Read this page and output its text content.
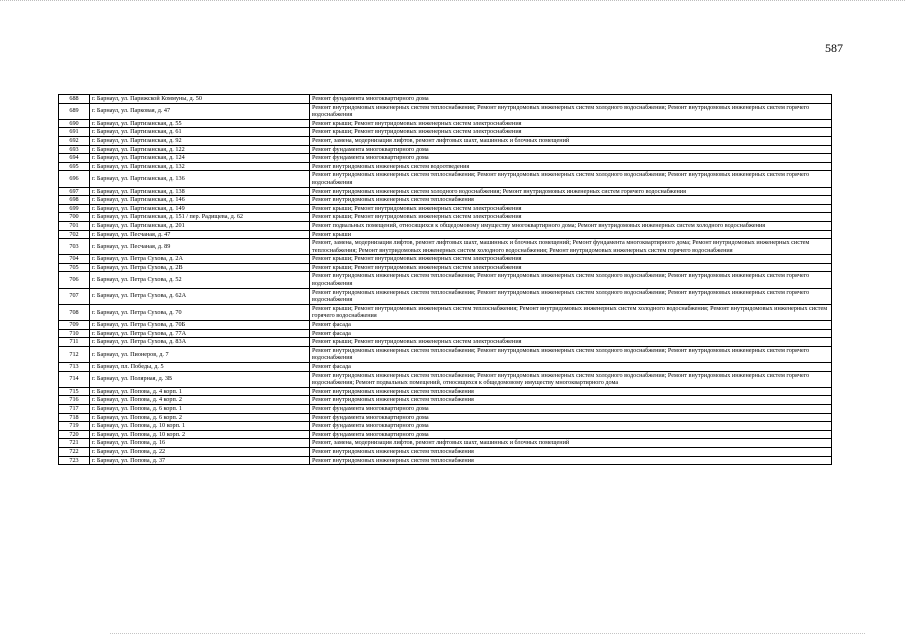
587
688	г. Барнаул, ул. Парижской Коммуны, д. 50	Ремонт фундамента многоквартирного дома
689	г. Барнаул, ул. Парковая, д. 47	Ремонт внутридомовых инженерных систем теплоснабжения; Ремонт внутридомовых инженерных систем холодного водоснабжения; Ремонт внутридомовых инженерных систем горячего водоснабжения
690	г. Барнаул, ул. Партизанская, д. 55	Ремонт крыши; Ремонт внутридомовых инженерных систем электроснабжения
691	г. Барнаул, ул. Партизанская, д. 61	Ремонт крыши; Ремонт внутридомовых инженерных систем электроснабжения
692	г. Барнаул, ул. Партизанская, д. 92	Ремонт, замена, модернизация лифтов, ремонт лифтовых шахт, машинных и блочных помещений
693	г. Барнаул, ул. Партизанская, д. 122	Ремонт фундамента многоквартирного дома
694	г. Барнаул, ул. Партизанская, д. 124	Ремонт фундамента многоквартирного дома
695	г. Барнаул, ул. Партизанская, д. 132	Ремонт внутридомовых инженерных систем водоотведения
696	г. Барнаул, ул. Партизанская, д. 136	Ремонт внутридомовых инженерных систем теплоснабжения; Ремонт внутридомовых инженерных систем холодного водоснабжения; Ремонт внутридомовых инженерных систем горячего водоснабжения
697	г. Барнаул, ул. Партизанская, д. 138	Ремонт внутридомовых инженерных систем холодного водоснабжения; Ремонт внутридомовых инженерных систем горячего водоснабжения
698	г. Барнаул, ул. Партизанская, д. 146	Ремонт внутридомовых инженерных систем теплоснабжения
699	г. Барнаул, ул. Партизанская, д. 149	Ремонт крыши; Ремонт внутридомовых инженерных систем электроснабжения
700	г. Барнаул, ул. Партизанская, д. 151 / пер. Радищева, д. 62	Ремонт крыши; Ремонт внутридомовых инженерных систем электроснабжения
701	г. Барнаул, ул. Партизанская, д. 201	Ремонт подвальных помещений, относящихся к общедомовому имуществу многоквартирного дома; Ремонт внутридомовых инженерных систем холодного водоснабжения
702	г. Барнаул, ул. Песчаная, д. 47	Ремонт крыши
703	г. Барнаул, ул. Песчаная, д. 89	Ремонт, замена, модернизация лифтов, ремонт лифтовых шахт, машинных и блочных помещений; Ремонт фундамента многоквартирного дома; Ремонт внутридомовых инженерных систем теплоснабжения; Ремонт внутридомовых инженерных систем холодного водоснабжения; Ремонт внутридомовых инженерных систем горячего водоснабжения
704	г. Барнаул, ул. Петра Сухова, д. 2А	Ремонт крыши; Ремонт внутридомовых инженерных систем электроснабжения
705	г. Барнаул, ул. Петра Сухова, д. 2В	Ремонт крыши; Ремонт внутридомовых инженерных систем электроснабжения
706	г. Барнаул, ул. Петра Сухова, д. 52	Ремонт внутридомовых инженерных систем теплоснабжения; Ремонт внутридомовых инженерных систем холодного водоснабжения; Ремонт внутридомовых инженерных систем горячего водоснабжения
707	г. Барнаул, ул. Петра Сухова, д. 62А	Ремонт внутридомовых инженерных систем теплоснабжения; Ремонт внутридомовых инженерных систем холодного водоснабжения; Ремонт внутридомовых инженерных систем горячего водоснабжения
708	г. Барнаул, ул. Петра Сухова, д. 70	Ремонт крыши; Ремонт внутридомовых инженерных систем теплоснабжения; Ремонт внутридомовых инженерных систем холодного водоснабжения; Ремонт внутридомовых инженерных систем горячего водоснабжения
709	г. Барнаул, ул. Петра Сухова, д. 70Б	Ремонт фасада
710	г. Барнаул, ул. Петра Сухова, д. 77А	Ремонт фасада
711	г. Барнаул, ул. Петра Сухова, д. 83А	Ремонт крыши; Ремонт внутридомовых инженерных систем электроснабжения
712	г. Барнаул, ул. Пионеров, д. 7	Ремонт внутридомовых инженерных систем теплоснабжения; Ремонт внутридомовых инженерных систем холодного водоснабжения; Ремонт внутридомовых инженерных систем горячего водоснабжения
713	г. Барнаул, пл. Победы, д. 5	Ремонт фасада
714	г. Барнаул, ул. Полярная, д. 3В	Ремонт внутридомовых инженерных систем теплоснабжения; Ремонт внутридомовых инженерных систем холодного водоснабжения; Ремонт внутридомовых инженерных систем горячего водоснабжения; Ремонт подвальных помещений, относящихся к общедомовому имуществу многоквартирного дома
715	г. Барнаул, ул. Попова, д. 4 корп. 1	Ремонт внутридомовых инженерных систем теплоснабжения
716	г. Барнаул, ул. Попова, д. 4 корп. 2	Ремонт внутридомовых инженерных систем теплоснабжения
717	г. Барнаул, ул. Попова, д. 6 корп. 1	Ремонт фундамента многоквартирного дома
718	г. Барнаул, ул. Попова, д. 6 корп. 2	Ремонт фундамента многоквартирного дома
719	г. Барнаул, ул. Попова, д. 10 корп. 1	Ремонт фундамента многоквартирного дома
720	г. Барнаул, ул. Попова, д. 10 корп. 2	Ремонт фундамента многоквартирного дома
721	г. Барнаул, ул. Попова, д. 16	Ремонт, замена, модернизация лифтов, ремонт лифтовых шахт, машинных и блочных помещений
722	г. Барнаул, ул. Попова, д. 22	Ремонт внутридомовых инженерных систем теплоснабжения
723	г. Барнаул, ул. Попова, д. 37	Ремонт внутридомовых инженерных систем теплоснабжения
